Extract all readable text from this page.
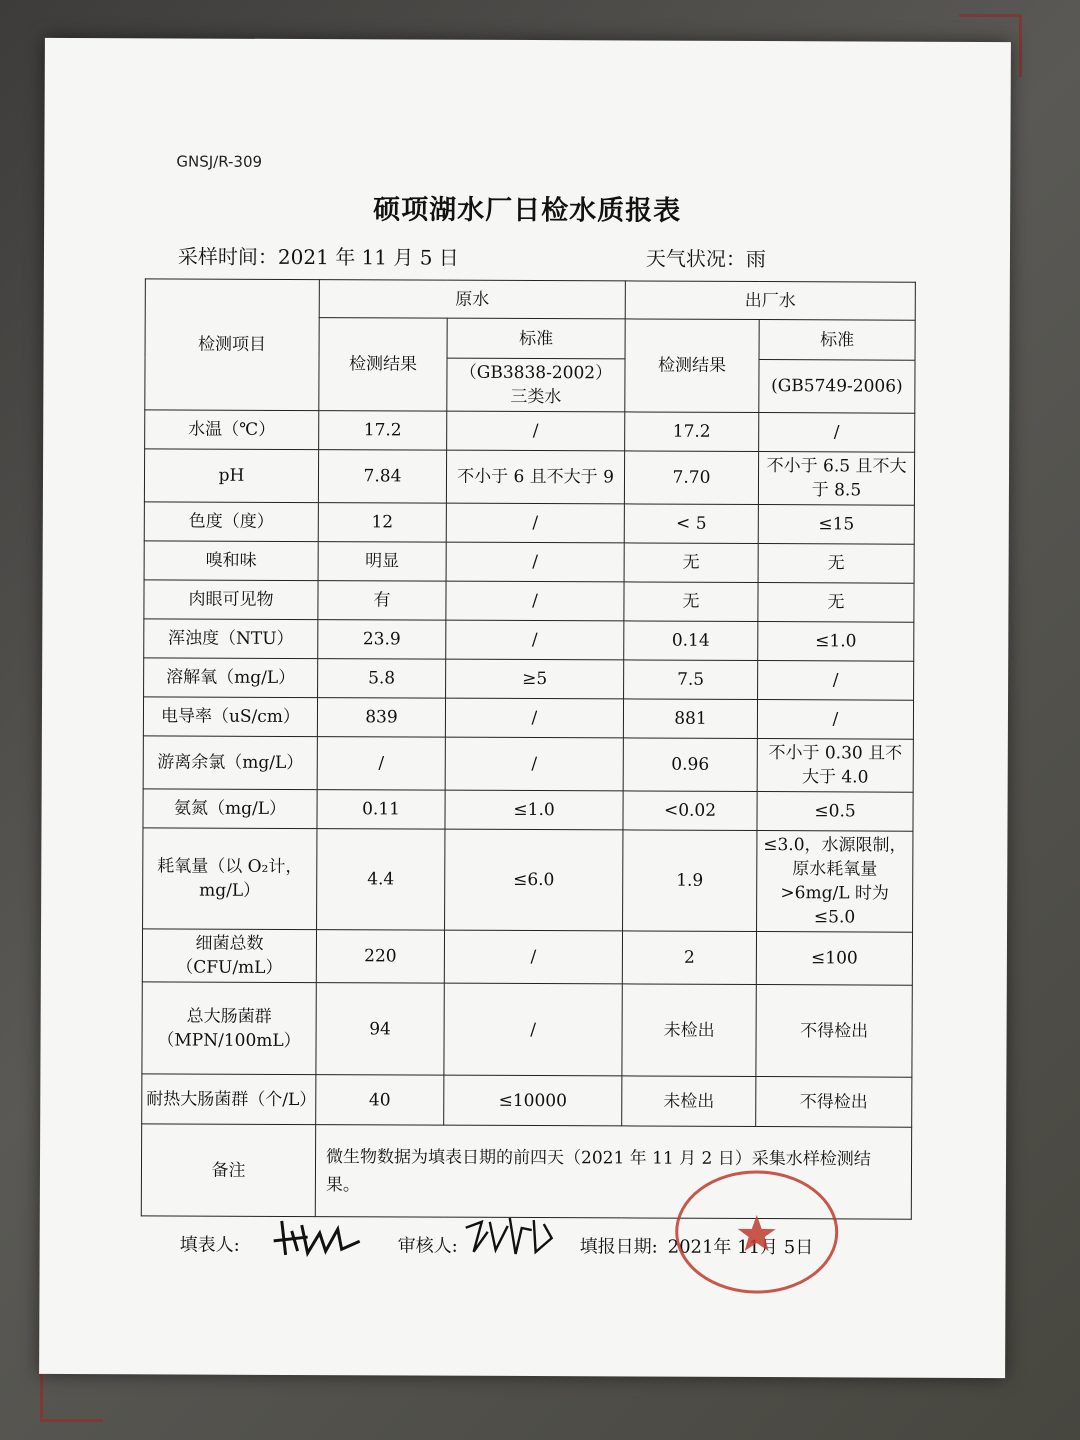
GNSJ/R-309
硕项湖水厂日检水质报表
采样时间：2021 年 11 月 5 日	天气状况：雨
检测项目	原水		出厂水	
	检测结果	标准	检测结果	标准
		（GB3838-2002）三类水		(GB5749-2006)
水温（℃）	17.2	/	17.2	/
pH	7.84	不小于 6 且不大于 9	7.70	不小于 6.5 且不大于 8.5
色度（度）	12	/	< 5	≤15
嗅和味	明显	/	无	无
肉眼可见物	有	/	无	无
浑浊度（NTU）	23.9	/	0.14	≤1.0
溶解氧（mg/L）	5.8	≥5	7.5	/
电导率（uS/cm）	839	/	881	/
游离余氯（mg/L）	/	/	0.96	不小于 0.30 且不大于 4.0
氨氮（mg/L）	0.11	≤1.0	<0.02	≤0.5
耗氧量（以 O₂计，mg/L）	4.4	≤6.0	1.9	≤3.0，水源限制，原水耗氧量>6mg/L 时为≤5.0
细菌总数（CFU/mL）	220	/	2	≤100
总大肠菌群（MPN/100mL）	94	/	未检出	不得检出
耐热大肠菌群（个/L）	40	≤10000	未检出	不得检出
备注	微生物数据为填表日期的前四天（2021 年 11 月 2 日）采集水样检测结果。			
填表人:	审核人:	填报日期: 2021年 11月 5日
